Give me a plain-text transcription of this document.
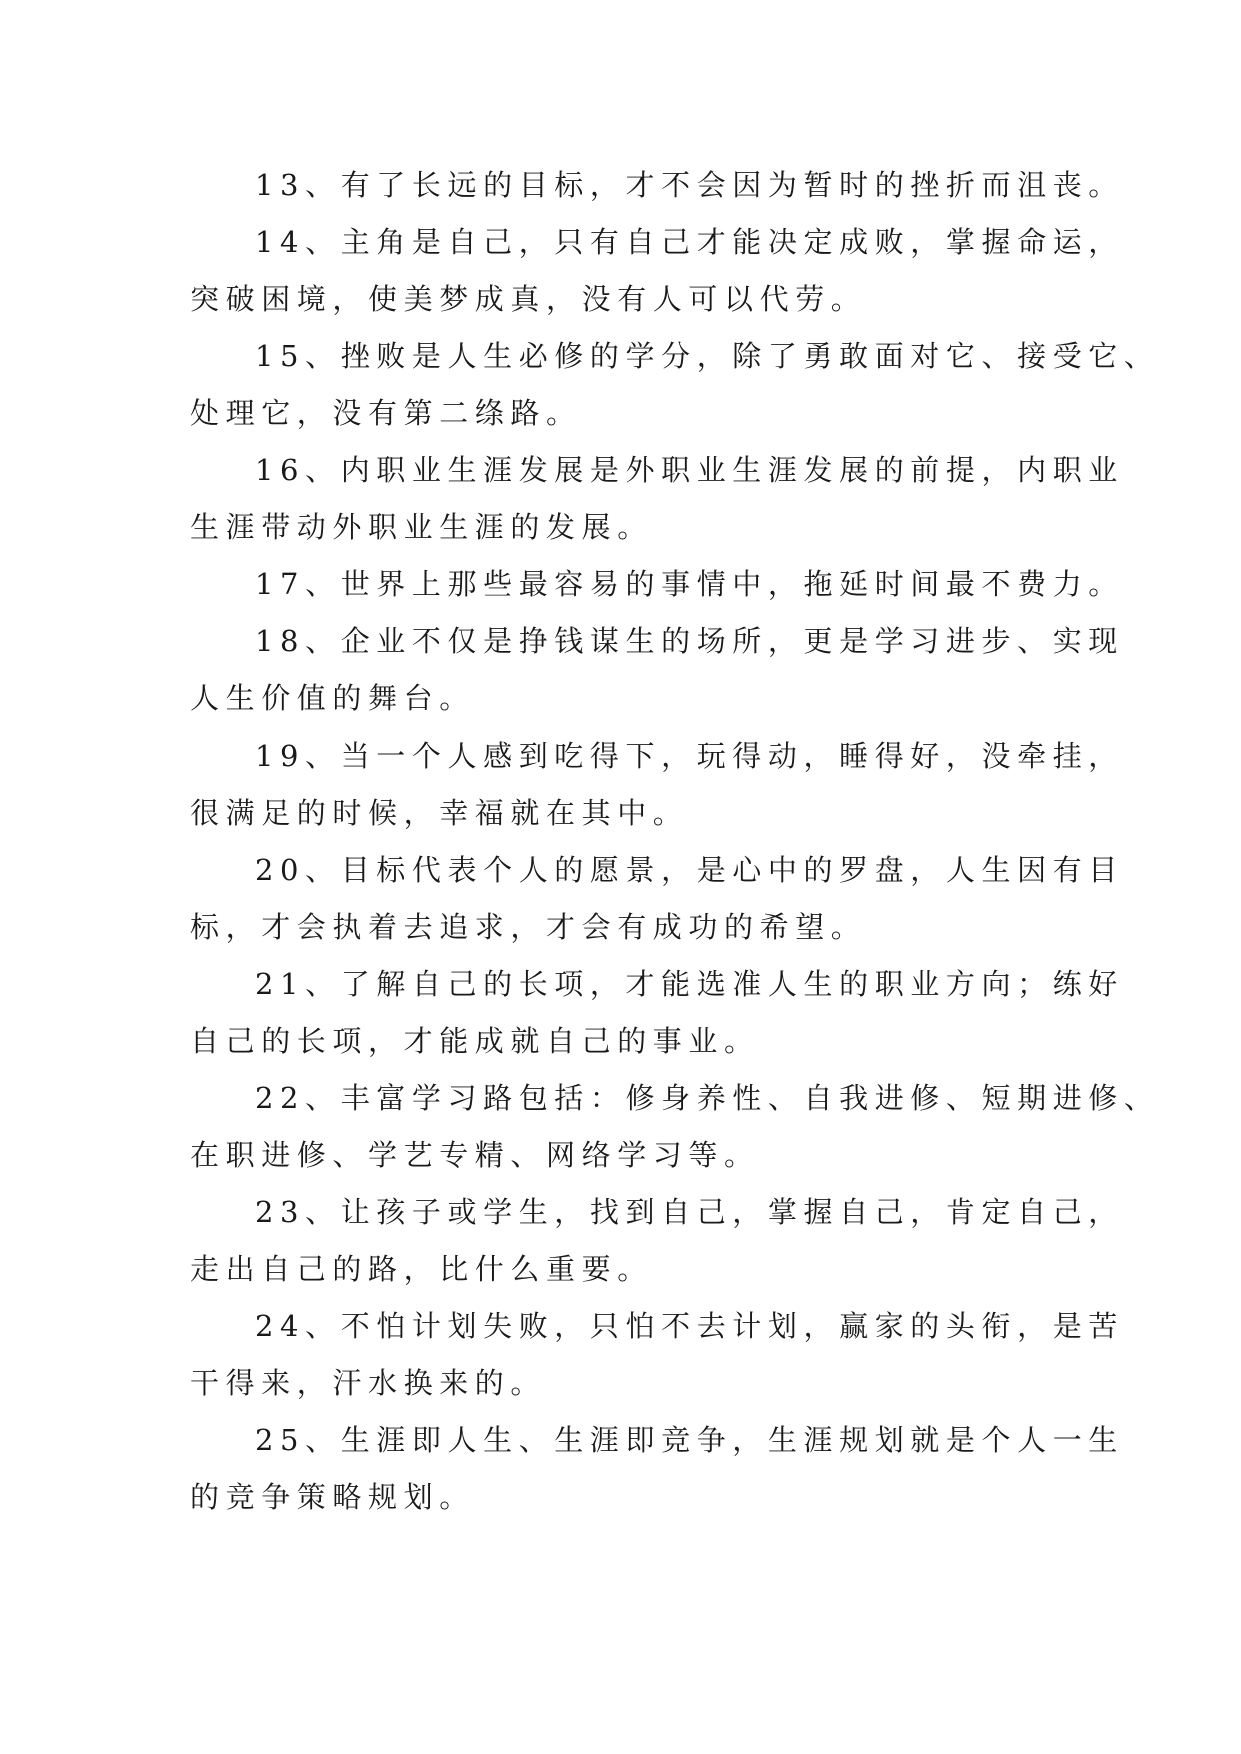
13、有了长远的目标，才不会因为暂时的挫折而沮丧。
14、主角是自己，只有自己才能决定成败，掌握命运，
突破困境，使美梦成真，没有人可以代劳。
15、挫败是人生必修的学分，除了勇敢面对它、接受它、
处理它，没有第二绦路。
16、内职业生涯发展是外职业生涯发展的前提，内职业
生涯带动外职业生涯的发展。
17、世界上那些最容易的事情中，拖延时间最不费力。
18、企业不仅是挣钱谋生的场所，更是学习进步、实现
人生价值的舞台。
19、当一个人感到吃得下，玩得动，睡得好，没牵挂，
很满足的时候，幸福就在其中。
20、目标代表个人的愿景，是心中的罗盘，人生因有目
标，才会执着去追求，才会有成功的希望。
21、了解自己的长项，才能选准人生的职业方向；练好
自己的长项，才能成就自己的事业。
22、丰富学习路包括：修身养性、自我进修、短期进修、
在职进修、学艺专精、网络学习等。
23、让孩子或学生，找到自己，掌握自己，肯定自己，
走出自己的路，比什么重要。
24、不怕计划失败，只怕不去计划，赢家的头衔，是苦
干得来，汗水换来的。
25、生涯即人生、生涯即竞争，生涯规划就是个人一生
的竞争策略规划。
